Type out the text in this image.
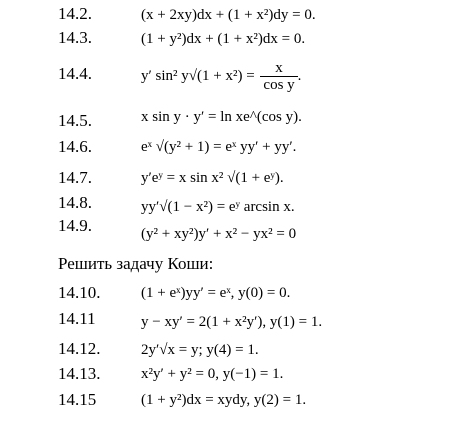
14.2.	(x + 2xy)dx + (1 + x²)dy = 0.
14.3.	(1 + y²)dx + (1 + x²)dx = 0.
14.4.	y′ sin² $y√(1 + x^2) = \frac{x}{\text{cos y}}$ .
14.5.	x sin y · y′ = ln xe^(cos y).
14.6.	eˣ √(y² + 1) = eˣ yy′ + yy′.
14.7.	y′eʸ = x sin x² √(1 + eʸ).
14.8.	yy′√(1 − x²) = eʸ arcsin x.
14.9.	(y² + xy²)y′ + x² − yx² = 0
Решить задачу Коши:
14.10.	(1 + eˣ)yy′ = eˣ, y(0) = 0.
14.11	y − xy′ = 2(1 + x²y′), y(1) = 1.
14.12.	2y′√x = y; y(4) = 1.
14.13.	x²y′ + y² = 0, y(−1) = 1.
14.15	(1 + y²)dx = xydy, y(2) = 1.
